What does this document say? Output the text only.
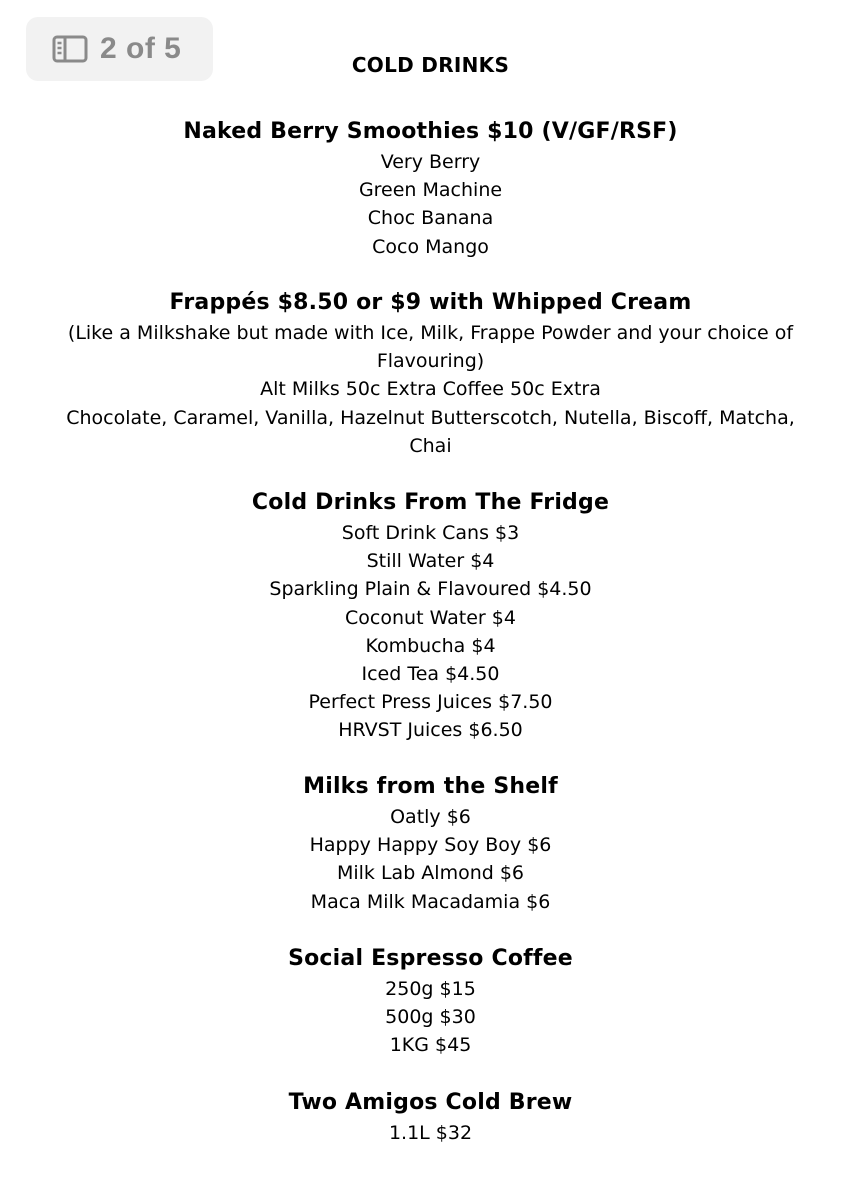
2 of 5	COLD DRINKS
Naked Berry Smoothies $10 (V/GF/RSF)

Very Berry

Green Machine

Choc Banana

Coco Mango

Frappés $8.50 or $9 with Whipped Cream

(Like a Milkshake but made with Ice, Milk, Frappe Powder and your choice of Flavouring)

Alt Milks 50c Extra Coffee 50c Extra

Chocolate, Caramel, Vanilla, Hazelnut Butterscotch, Nutella, Biscoff, Matcha, Chai

Cold Drinks From The Fridge

Soft Drink Cans $3

Still Water $4

Sparkling Plain & Flavoured $4.50

Coconut Water $4

Kombucha $4

Iced Tea $4.50

Perfect Press Juices $7.50

HRVST Juices $6.50

Milks from the Shelf

Oatly $6

Happy Happy Soy Boy $6

Milk Lab Almond $6

Maca Milk Macadamia $6

Social Espresso Coffee

250g $15

500g $30

1KG $45

Two Amigos Cold Brew

1.1L $32
